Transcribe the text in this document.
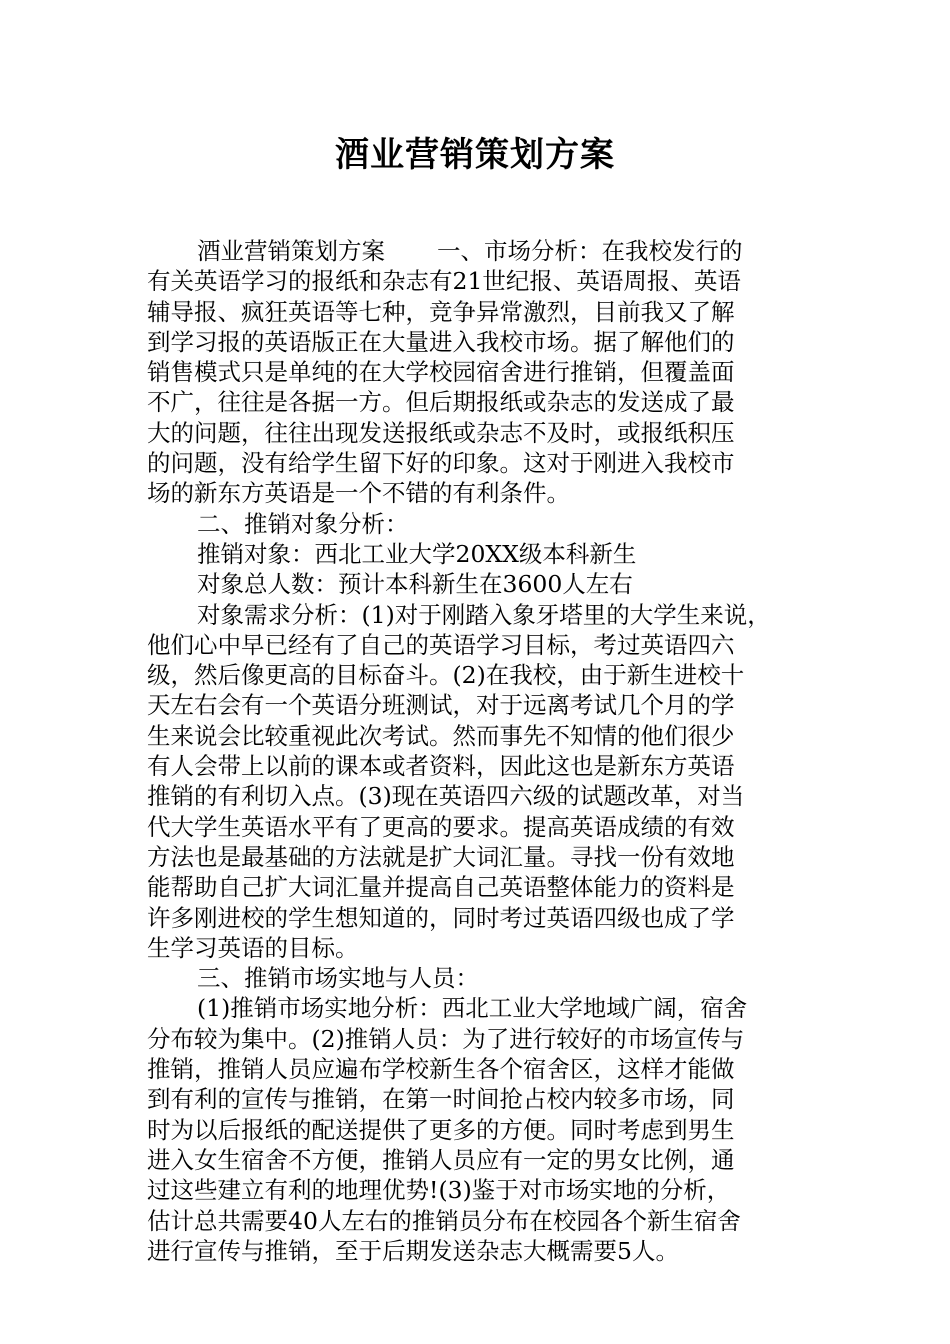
酒业营销策划方案
酒业营销策划方案 一、市场分析：在我校发行的
有关英语学习的报纸和杂志有21世纪报、英语周报、英语
辅导报、疯狂英语等七种，竞争异常激烈，目前我又了解
到学习报的英语版正在大量进入我校市场。据了解他们的
销售模式只是单纯的在大学校园宿舍进行推销，但覆盖面
不广，往往是各据一方。但后期报纸或杂志的发送成了最
大的问题，往往出现发送报纸或杂志不及时，或报纸积压
的问题，没有给学生留下好的印象。这对于刚进入我校市
场的新东方英语是一个不错的有利条件。
二、推销对象分析：
推销对象：西北工业大学20XX级本科新生
对象总人数：预计本科新生在3600人左右
对象需求分析：(1)对于刚踏入象牙塔里的大学生来说，
他们心中早已经有了自己的英语学习目标，考过英语四六
级，然后像更高的目标奋斗。(2)在我校，由于新生进校十
天左右会有一个英语分班测试，对于远离考试几个月的学
生来说会比较重视此次考试。然而事先不知情的他们很少
有人会带上以前的课本或者资料，因此这也是新东方英语
推销的有利切入点。(3)现在英语四六级的试题改革，对当
代大学生英语水平有了更高的要求。提高英语成绩的有效
方法也是最基础的方法就是扩大词汇量。寻找一份有效地
能帮助自己扩大词汇量并提高自己英语整体能力的资料是
许多刚进校的学生想知道的，同时考过英语四级也成了学
生学习英语的目标。
三、推销市场实地与人员：
(1)推销市场实地分析：西北工业大学地域广阔，宿舍
分布较为集中。(2)推销人员：为了进行较好的市场宣传与
推销，推销人员应遍布学校新生各个宿舍区，这样才能做
到有利的宣传与推销，在第一时间抢占校内较多市场，同
时为以后报纸的配送提供了更多的方便。同时考虑到男生
进入女生宿舍不方便，推销人员应有一定的男女比例，通
过这些建立有利的地理优势!(3)鉴于对市场实地的分析，
估计总共需要40人左右的推销员分布在校园各个新生宿舍
进行宣传与推销，至于后期发送杂志大概需要5人。
